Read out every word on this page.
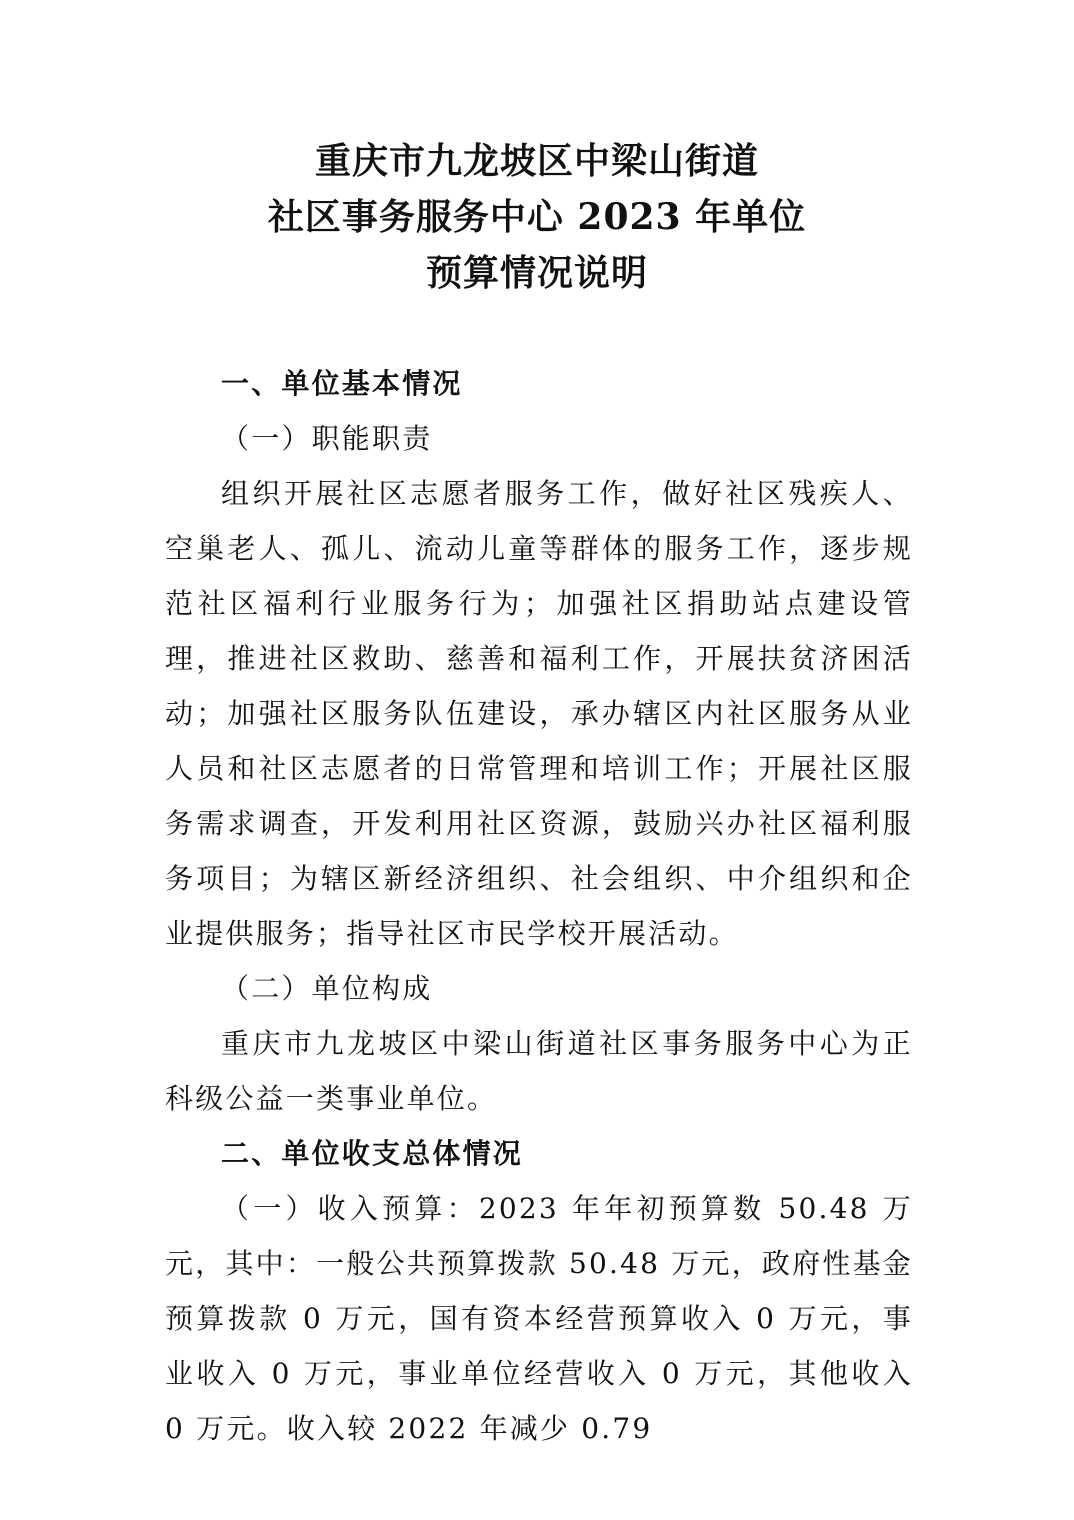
重庆市九龙坡区中梁山街道
社区事务服务中心 2023 年单位
预算情况说明

一、单位基本情况

（一）职能职责

组织开展社区志愿者服务工作，做好社区残疾人、空巢老人、孤儿、流动儿童等群体的服务工作，逐步规范社区福利行业服务行为；加强社区捐助站点建设管理，推进社区救助、慈善和福利工作，开展扶贫济困活动；加强社区服务队伍建设，承办辖区内社区服务从业人员和社区志愿者的日常管理和培训工作；开展社区服务需求调查，开发利用社区资源，鼓励兴办社区福利服务项目；为辖区新经济组织、社会组织、中介组织和企业提供服务；指导社区市民学校开展活动。

（二）单位构成

重庆市九龙坡区中梁山街道社区事务服务中心为正科级公益一类事业单位。

二、单位收支总体情况

（一）收入预算：2023 年年初预算数 50.48 万元，其中：一般公共预算拨款 50.48 万元，政府性基金预算拨款 0 万元，国有资本经营预算收入 0 万元，事业收入 0 万元，事业单位经营收入 0 万元，其他收入 0 万元。收入较 2022 年减少 0.79
